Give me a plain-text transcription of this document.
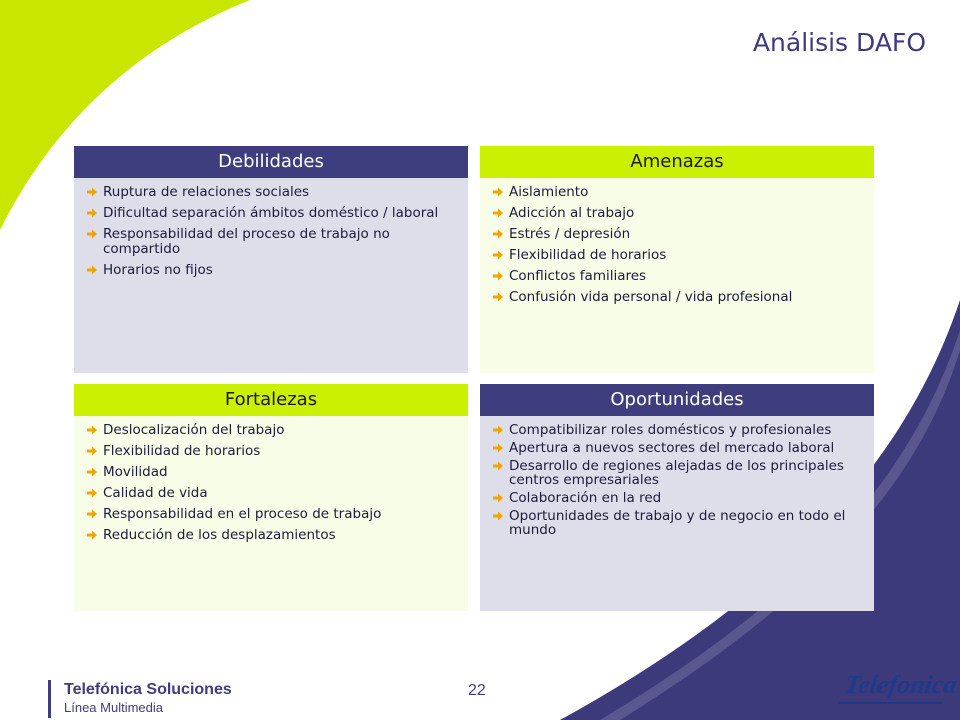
Análisis DAFO
Debilidades
Ruptura de relaciones sociales
Dificultad separación ámbitos doméstico / laboral
Responsabilidad del proceso de trabajo no compartido
Horarios no fijos
Amenazas
Aislamiento
Adicción al trabajo
Estrés / depresión
Flexibilidad de horarios
Conflictos familiares
Confusión vida personal / vida profesional
Fortalezas
Deslocalización del trabajo
Flexibilidad de horarios
Movilidad
Calidad de vida
Responsabilidad en el proceso de trabajo
Reducción de los desplazamientos
Oportunidades
Compatibilizar roles domésticos y profesionales
Apertura a nuevos sectores del mercado laboral
Desarrollo de regiones alejadas de los principales centros empresariales
Colaboración en la red
Oportunidades de trabajo y de negocio en todo el mundo
Telefónica Soluciones
Línea Multimedia
22	Telefonica
